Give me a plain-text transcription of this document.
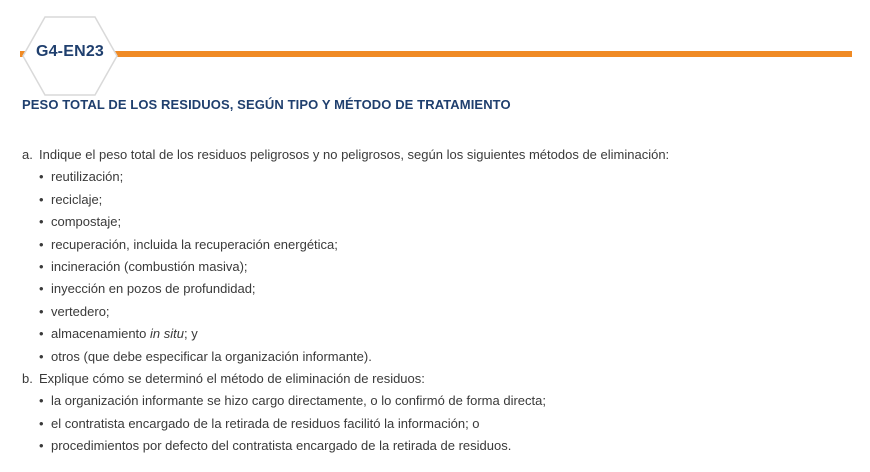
G4-EN23
PESO TOTAL DE LOS RESIDUOS, SEGÚN TIPO Y MÉTODO DE TRATAMIENTO

a. Indique el peso total de los residuos peligrosos y no peligrosos, según los siguientes métodos de eliminación:

• reutilización;
• reciclaje;
• compostaje;
• recuperación, incluida la recuperación energética;
• incineración (combustión masiva);
• inyección en pozos de profundidad;
• vertedero;
• almacenamiento in situ; y
• otros (que debe especificar la organización informante).

b. Explique cómo se determinó el método de eliminación de residuos:

• la organización informante se hizo cargo directamente, o lo confirmó de forma directa;
• el contratista encargado de la retirada de residuos facilitó la información; o
• procedimientos por defecto del contratista encargado de la retirada de residuos.
